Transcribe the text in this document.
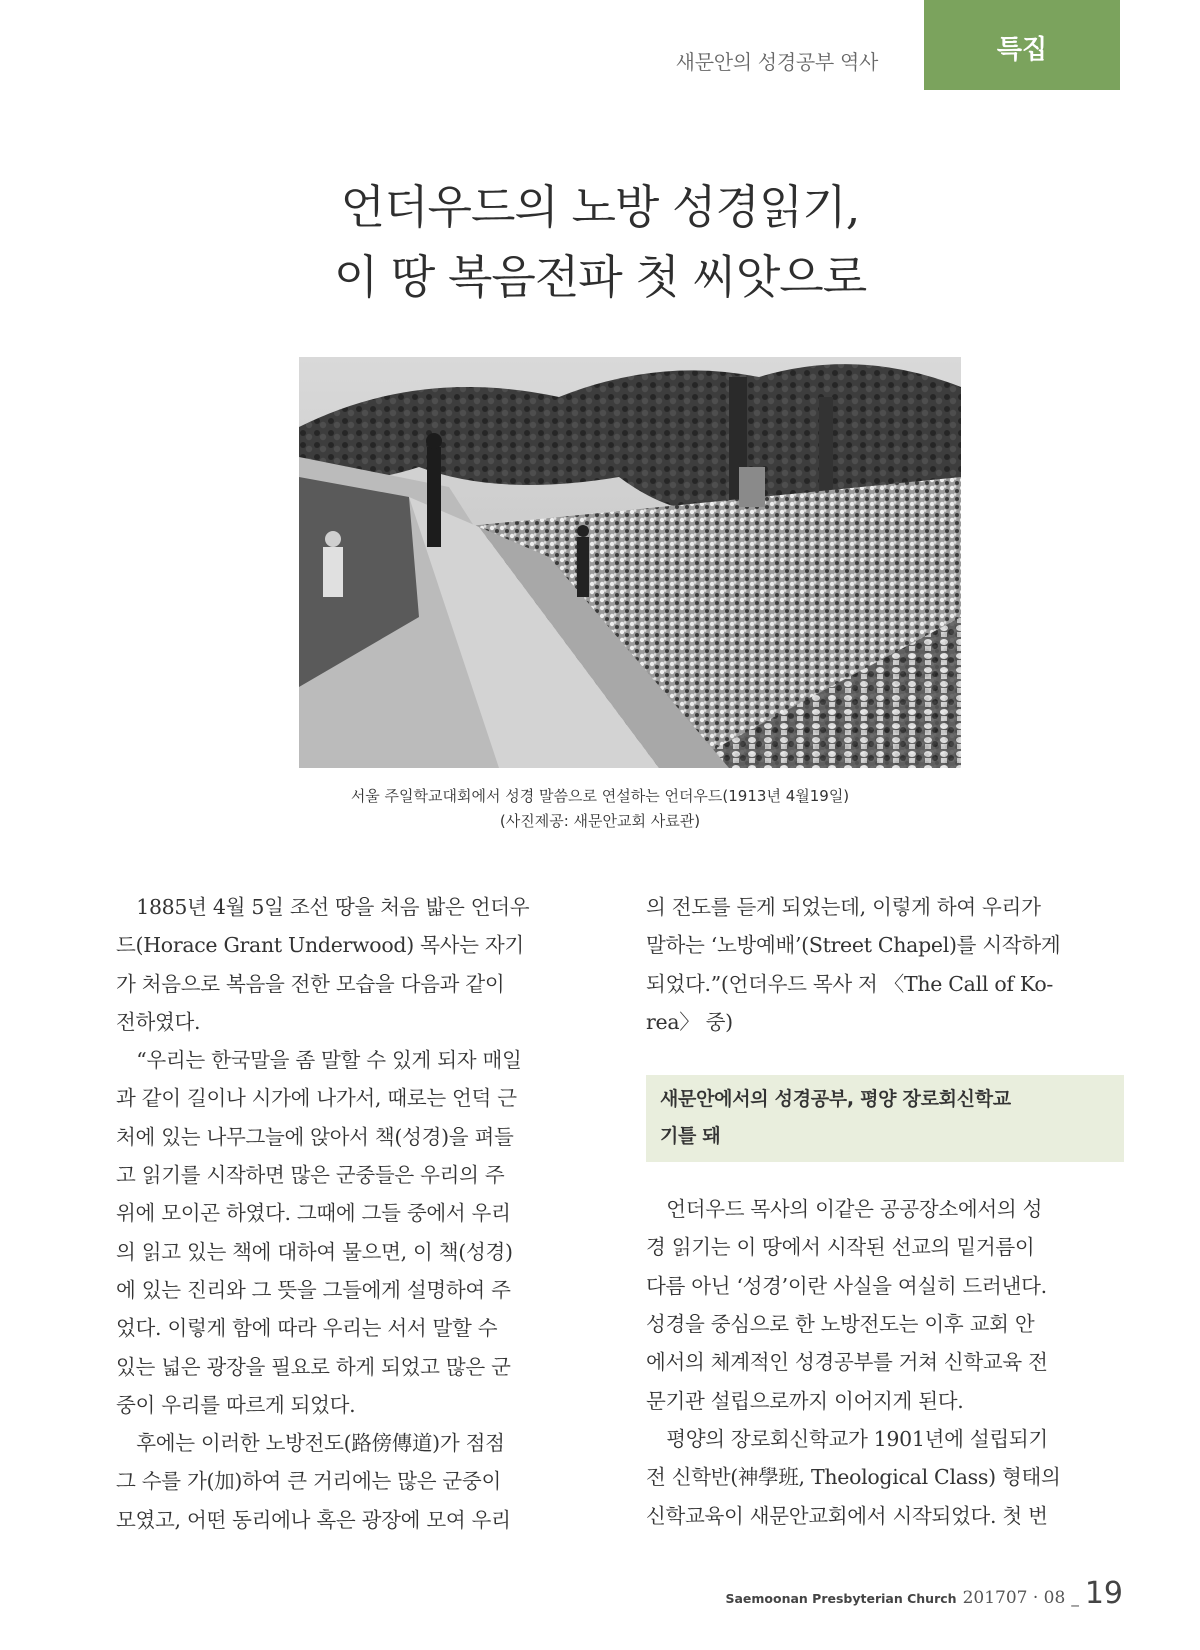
새문안의 성경공부 역사	특집
언더우드의 노방 성경읽기,
이 땅 복음전파 첫 씨앗으로
서울 주일학교대회에서 성경 말씀으로 연설하는 언더우드(1913년 4월19일)
(사진제공: 새문안교회 사료관)
　1885년 4월 5일 조선 땅을 처음 밟은 언더우
드(Horace Grant Underwood) 목사는 자기
가 처음으로 복음을 전한 모습을 다음과 같이
전하였다.
　“우리는 한국말을 좀 말할 수 있게 되자 매일
과 같이 길이나 시가에 나가서, 때로는 언덕 근
처에 있는 나무그늘에 앉아서 책(성경)을 펴들
고 읽기를 시작하면 많은 군중들은 우리의 주
위에 모이곤 하였다. 그때에 그들 중에서 우리
의 읽고 있는 책에 대하여 물으면, 이 책(성경)
에 있는 진리와 그 뜻을 그들에게 설명하여 주
었다. 이렇게 함에 따라 우리는 서서 말할 수
있는 넓은 광장을 필요로 하게 되었고 많은 군
중이 우리를 따르게 되었다.
　후에는 이러한 노방전도(路傍傳道)가 점점
그 수를 가(加)하여 큰 거리에는 많은 군중이
모였고, 어떤 동리에나 혹은 광장에 모여 우리
의 전도를 듣게 되었는데, 이렇게 하여 우리가
말하는 ‘노방예배’(Street Chapel)를 시작하게
되었다.”(언더우드 목사 저 〈The Call of Ko-
rea〉 중)
새문안에서의 성경공부, 평양 장로회신학교
기틀 돼
　언더우드 목사의 이같은 공공장소에서의 성
경 읽기는 이 땅에서 시작된 선교의 밑거름이
다름 아닌 ‘성경’이란 사실을 여실히 드러낸다.
성경을 중심으로 한 노방전도는 이후 교회 안
에서의 체계적인 성경공부를 거쳐 신학교육 전
문기관 설립으로까지 이어지게 된다.
　평양의 장로회신학교가 1901년에 설립되기
전 신학반(神學班, Theological Class) 형태의
신학교육이 새문안교회에서 시작되었다. 첫 번
Saemoonan Presbyterian Church 201707 · 08 _ 19
